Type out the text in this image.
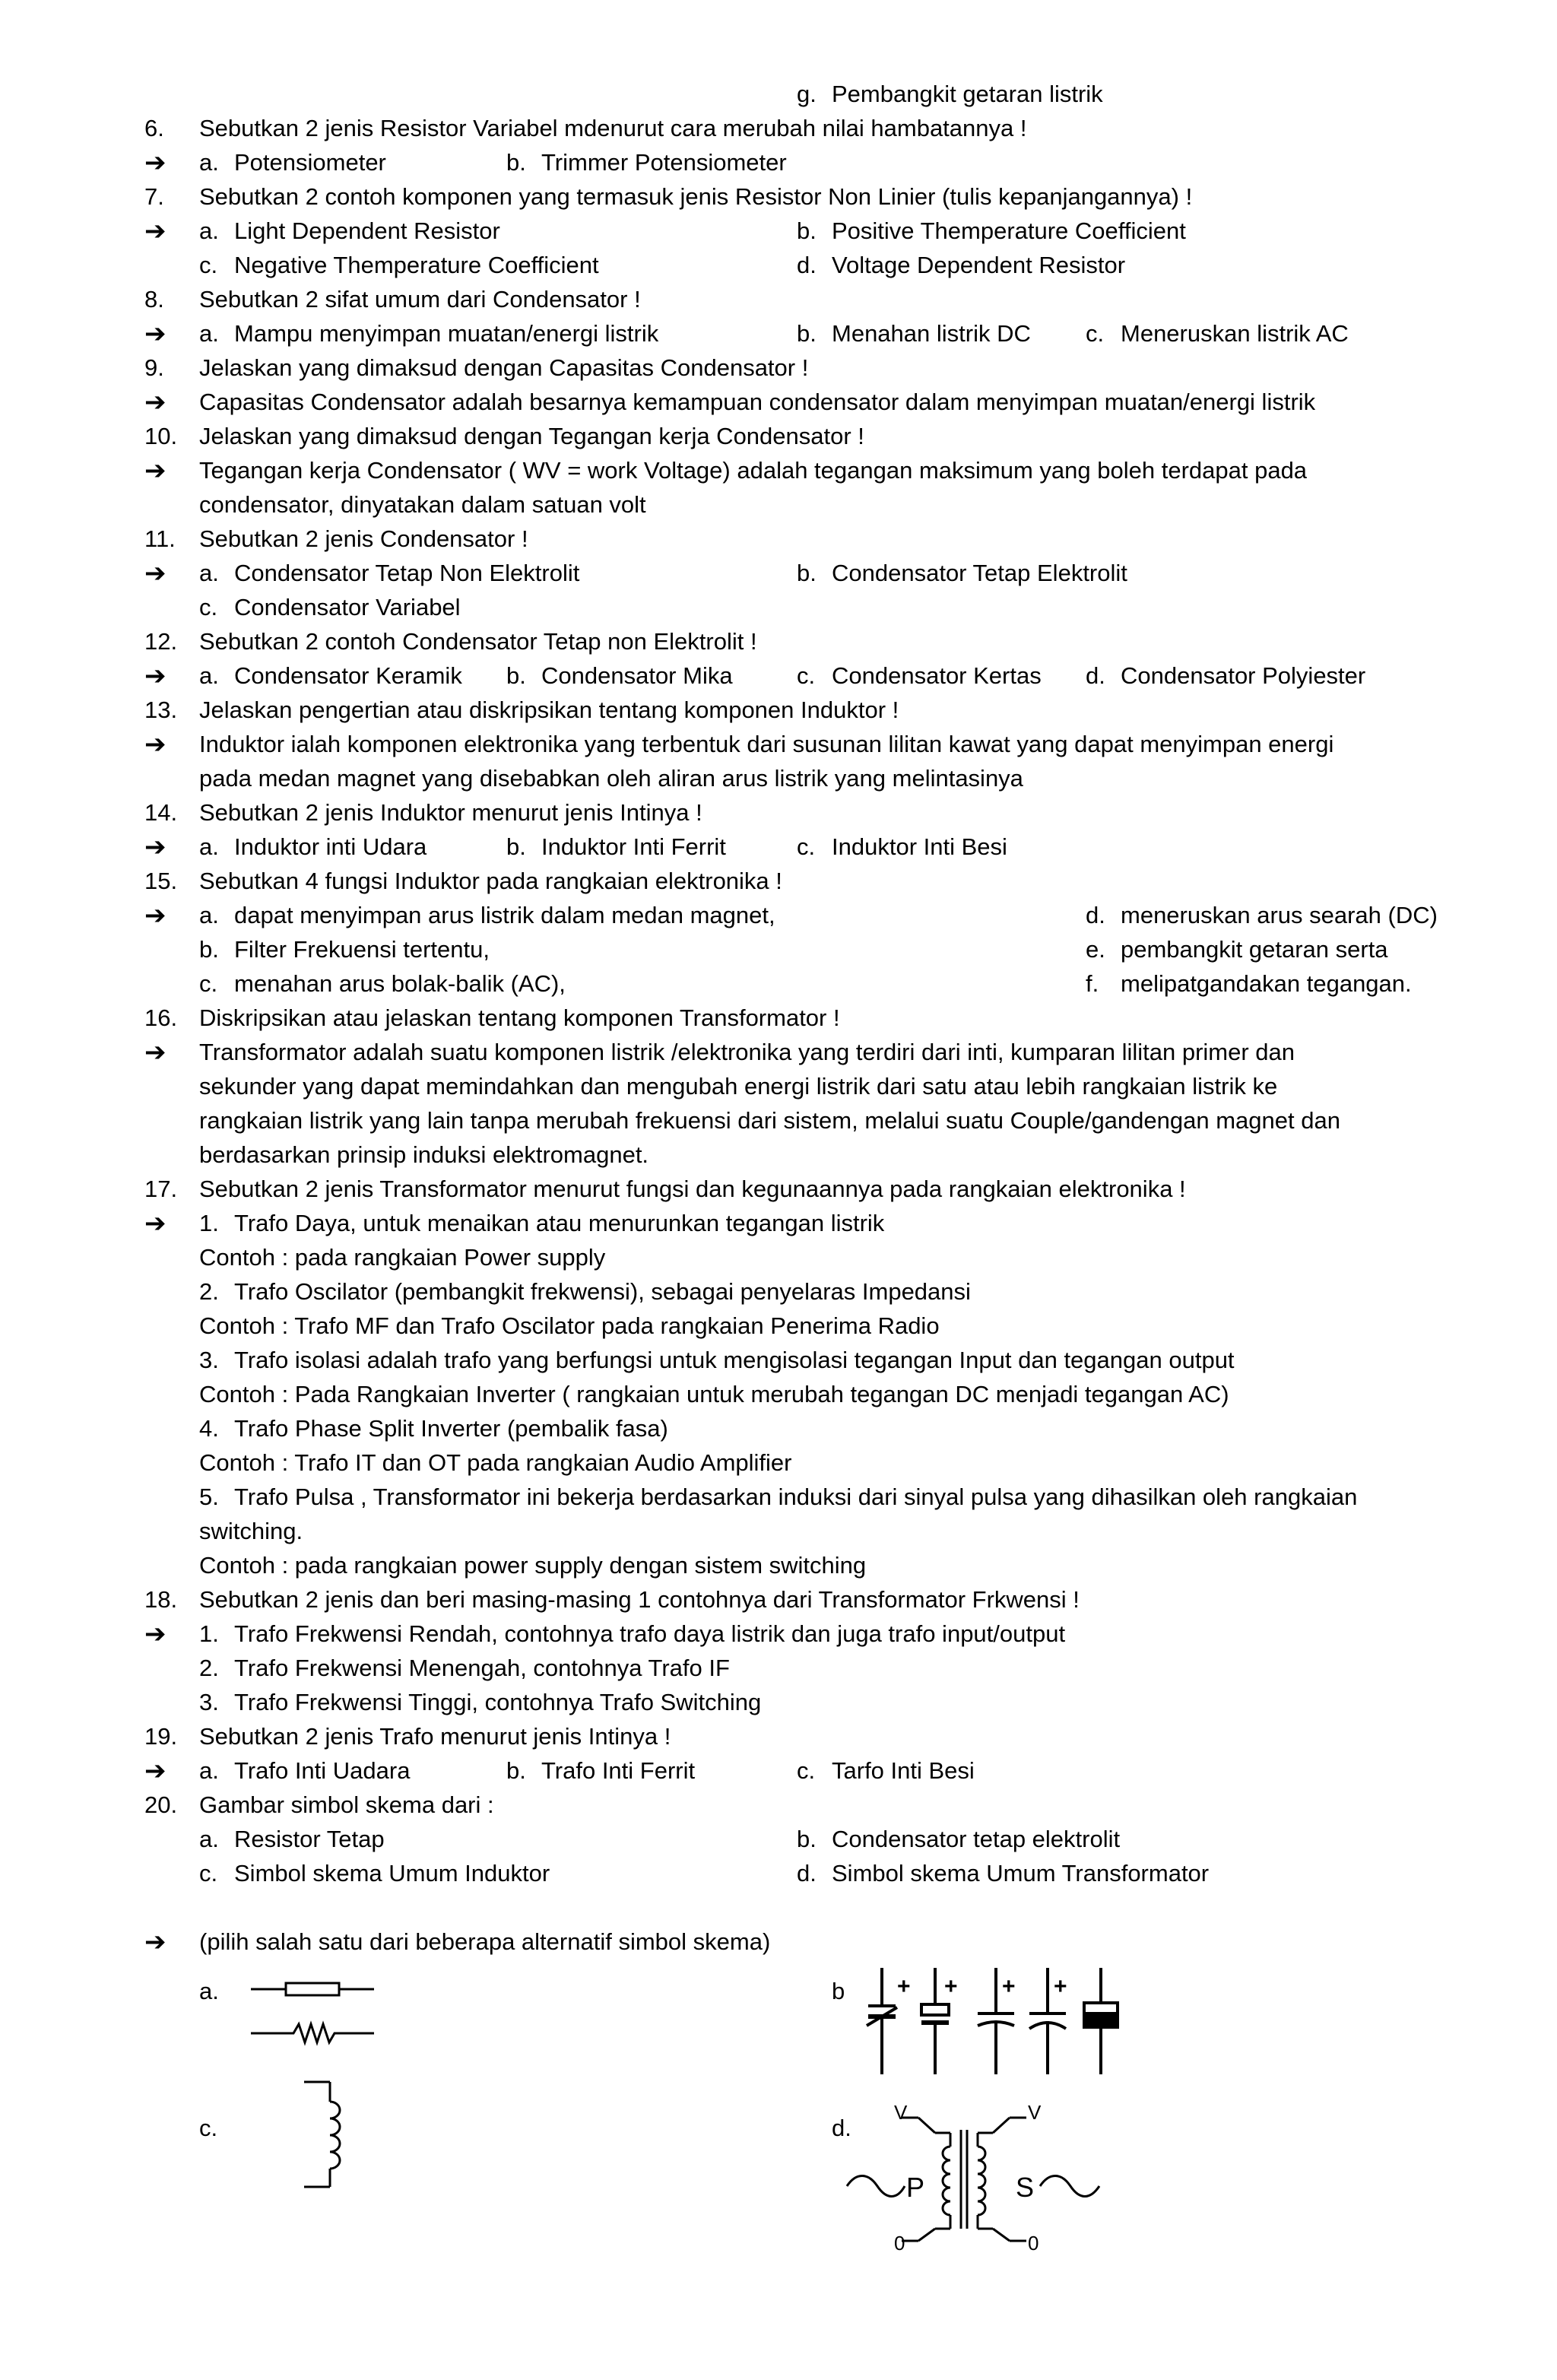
g. Pembangkit getaran listrik
6. Sebutkan 2 jenis Resistor Variabel mdenurut cara merubah nilai hambatannya !
➔ a. Potensiometer	b. Trimmer Potensiometer
7. Sebutkan 2 contoh komponen yang termasuk jenis Resistor Non Linier (tulis kepanjangannya) !
➔ a. Light Dependent Resistor	b. Positive Themperature Coefficient
c. Negative Themperature Coefficient	d. Voltage Dependent Resistor
8. Sebutkan 2 sifat umum dari Condensator !
➔ a. Mampu menyimpan muatan/energi listrik	b. Menahan listrik DC c. Meneruskan listrik AC
9. Jelaskan yang dimaksud dengan Capasitas Condensator !
➔ Capasitas Condensator adalah besarnya kemampuan condensator dalam menyimpan muatan/energi listrik
10. Jelaskan yang dimaksud dengan Tegangan kerja Condensator !
➔ Tegangan kerja Condensator ( WV = work Voltage) adalah tegangan maksimum yang boleh terdapat pada
condensator, dinyatakan dalam satuan volt
11. Sebutkan 2 jenis Condensator !
➔ a. Condensator Tetap Non Elektrolit	b. Condensator Tetap Elektrolit
c. Condensator Variabel
12. Sebutkan 2 contoh Condensator Tetap non Elektrolit !
➔ a. Condensator Keramik b. Condensator Mika	c. Condensator Kertas d. Condensator Polyiester
13. Jelaskan pengertian atau diskripsikan tentang komponen Induktor !
➔ Induktor ialah komponen elektronika yang terbentuk dari susunan lilitan kawat yang dapat menyimpan energi
pada medan magnet yang disebabkan oleh aliran arus listrik yang melintasinya
14. Sebutkan 2 jenis Induktor menurut jenis Intinya !
➔ a. Induktor inti Udara	b. Induktor Inti Ferrit	c. Induktor Inti Besi
15. Sebutkan 4 fungsi Induktor pada rangkaian elektronika !
➔ a. dapat menyimpan arus listrik dalam medan magnet,	d. meneruskan arus searah (DC)
b. Filter Frekuensi tertentu,	e. pembangkit getaran serta
c. menahan arus bolak-balik (AC),	f. melipatgandakan tegangan.
16. Diskripsikan atau jelaskan tentang komponen Transformator !
➔ Transformator adalah suatu komponen listrik /elektronika yang terdiri dari inti, kumparan lilitan primer dan
sekunder yang dapat memindahkan dan mengubah energi listrik dari satu atau lebih rangkaian listrik ke
rangkaian listrik yang lain tanpa merubah frekuensi dari sistem, melalui suatu Couple/gandengan magnet dan
berdasarkan prinsip induksi elektromagnet.
17. Sebutkan 2 jenis Transformator menurut fungsi dan kegunaannya pada rangkaian elektronika !
➔ 1. Trafo Daya, untuk menaikan atau menurunkan tegangan listrik
Contoh : pada rangkaian Power supply
2. Trafo Oscilator (pembangkit frekwensi), sebagai penyelaras Impedansi
Contoh : Trafo MF dan Trafo Oscilator pada rangkaian Penerima Radio
3. Trafo isolasi adalah trafo yang berfungsi untuk mengisolasi tegangan Input dan tegangan output
Contoh : Pada Rangkaian Inverter ( rangkaian untuk merubah tegangan DC menjadi tegangan AC)
4. Trafo Phase Split Inverter (pembalik fasa)
Contoh : Trafo IT dan OT pada rangkaian Audio Amplifier
5. Trafo Pulsa , Transformator ini bekerja berdasarkan induksi dari sinyal pulsa yang dihasilkan oleh rangkaian
switching.
Contoh : pada rangkaian power supply dengan sistem switching
18. Sebutkan 2 jenis dan beri masing-masing 1 contohnya dari Transformator Frkwensi !
➔ 1. Trafo Frekwensi Rendah, contohnya trafo daya listrik dan juga trafo input/output
2. Trafo Frekwensi Menengah, contohnya Trafo IF
3. Trafo Frekwensi Tinggi, contohnya Trafo Switching
19. Sebutkan 2 jenis Trafo menurut jenis Intinya !
➔ a. Trafo Inti Uadara	b. Trafo Inti Ferrit	c. Tarfo Inti Besi
20. Gambar simbol skema dari :
a. Resistor Tetap	b. Condensator tetap elektrolit
c. Simbol skema Umum Induktor	d. Simbol skema Umum Transformator
➔ (pilih salah satu dari beberapa alternatif simbol skema)
a.	b
c.	d.
+ + + +
P	S
V	V
0	0
